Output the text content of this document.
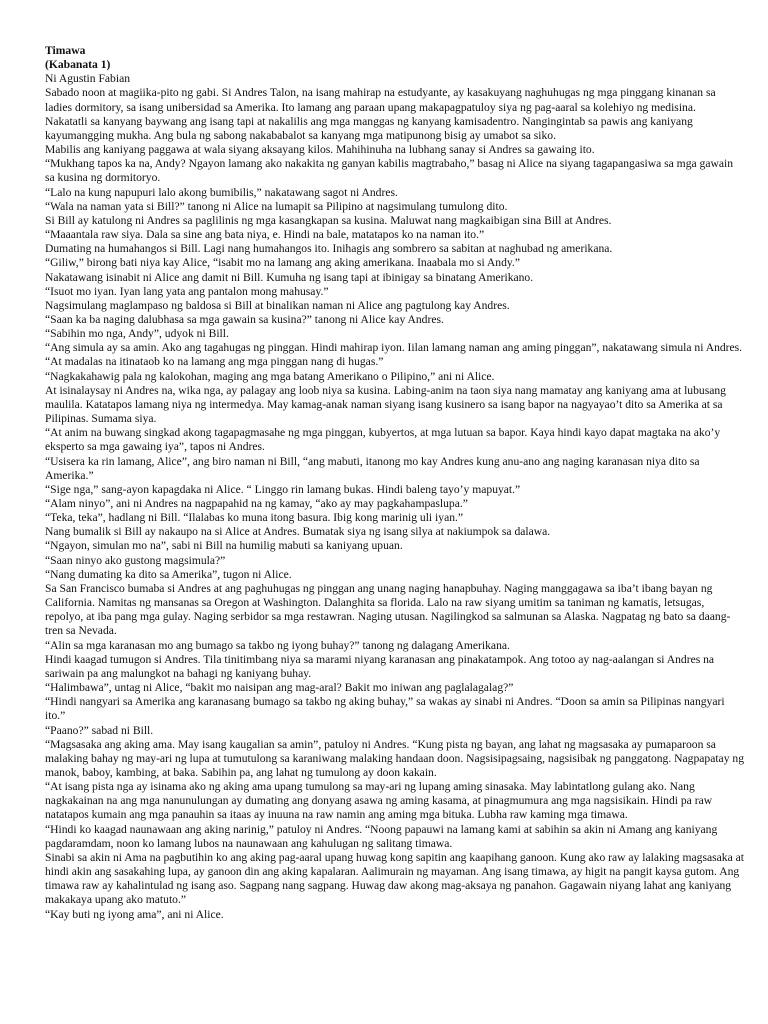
Timawa

(Kabanata 1)

Ni Agustin Fabian

Sabado noon at magiika-pito ng gabi. Si Andres Talon, na isang mahirap na estudyante, ay kasakuyang naghuhugas ng mga pinggang kinanan sa ladies dormitory, sa isang unibersidad sa Amerika. Ito lamang ang paraan upang makapagpatuloy siya ng pag-aaral sa kolehiyo ng medisina.

Nakatatli sa kanyang baywang ang isang tapi at nakalilis ang mga manggas ng kanyang kamisadentro. Nangingintab sa pawis ang kaniyang kayumangging mukha. Ang bula ng sabong nakababalot sa kanyang mga matipunong bisig ay umabot sa siko.

Mabilis ang kaniyang paggawa at wala siyang aksayang kilos. Mahihinuha na lubhang sanay si Andres sa gawaing ito.

“Mukhang tapos ka na, Andy? Ngayon lamang ako nakakita ng ganyan kabilis magtrabaho,” basag ni Alice na siyang tagapangasiwa sa mga gawain sa kusina ng dormitoryo.

“Lalo na kung napupuri lalo akong bumibilis,” nakatawang sagot ni Andres.

“Wala na naman yata si Bill?” tanong ni Alice na lumapit sa Pilipino at nagsimulang tumulong dito.

Si Bill ay katulong ni Andres sa paglilinis ng mga kasangkapan sa kusina. Maluwat nang magkaibigan sina Bill at Andres.

“Maaantala raw siya. Dala sa sine ang bata niya, e. Hindi na bale, matatapos ko na naman ito.”

Dumating na humahangos si Bill. Lagi nang humahangos ito. Inihagis ang sombrero sa sabitan at naghubad ng amerikana.

“Giliw,” birong bati niya kay Alice, “isabit mo na lamang ang aking amerikana. Inaabala mo si Andy.”

Nakatawang isinabit ni Alice ang damit ni Bill. Kumuha ng isang tapi at ibinigay sa binatang Amerikano.

“Isuot mo iyan. Iyan lang yata ang pantalon mong mahusay.”

Nagsimulang maglampaso ng baldosa si Bill at binalikan naman ni Alice ang pagtulong kay Andres.

“Saan ka ba naging dalubhasa sa mga gawain sa kusina?” tanong ni Alice kay Andres.

“Sabihin mo nga, Andy”, udyok ni Bill.

“Ang simula ay sa amin. Ako ang tagahugas ng pinggan. Hindi mahirap iyon. Iilan lamang naman ang aming pinggan”, nakatawang simula ni Andres. “At madalas na itinataob ko na lamang ang mga pinggan nang di hugas.”

“Nagkakahawig pala ng kalokohan, maging ang mga batang Amerikano o Pilipino,” ani ni Alice.

At isinalaysay ni Andres na, wika nga, ay palagay ang loob niya sa kusina. Labing-anim na taon siya nang mamatay ang kaniyang ama at lubusang maulila. Katatapos lamang niya ng intermedya. May kamag-anak naman siyang isang kusinero sa isang bapor na nagyayao’t dito sa Amerika at sa Pilipinas. Sumama siya.

“At anim na buwang singkad akong tagapagmasahe ng mga pinggan, kubyertos, at mga lutuan sa bapor. Kaya hindi kayo dapat magtaka na ako’y eksperto sa mga gawaing iya”, tapos ni Andres.

“Usisera ka rin lamang, Alice”, ang biro naman ni Bill, “ang mabuti, itanong mo kay Andres kung anu-ano ang naging karanasan niya dito sa Amerika.”

“Sige nga,” sang-ayon kapagdaka ni Alice. “ Linggo rin lamang bukas. Hindi baleng tayo’y mapuyat.”

“Alam ninyo”, ani ni Andres na nagpapahid na ng kamay, “ako ay may pagkahampaslupa.”

“Teka, teka”, hadlang ni Bill. “Ilalabas ko muna itong basura. Ibig kong marinig uli iyan.”

Nang bumalik si Bill ay nakaupo na si Alice at Andres. Bumatak siya ng isang silya at nakiumpok sa dalawa.

“Ngayon, simulan mo na”, sabi ni Bill na humilig mabuti sa kaniyang upuan.

“Saan ninyo ako gustong magsimula?”

“Nang dumating ka dito sa Amerika”, tugon ni Alice.

Sa San Francisco bumaba si Andres at ang paghuhugas ng pinggan ang unang naging hanapbuhay. Naging manggagawa sa iba’t ibang bayan ng California. Namitas ng mansanas sa Oregon at Washington. Dalanghita sa florida. Lalo na raw siyang umitim sa taniman ng kamatis, letsugas, repolyo, at iba pang mga gulay. Naging serbidor sa mga restawran. Naging utusan. Nagilingkod sa salmunan sa Alaska. Nagpatag ng bato sa daang-tren sa Nevada.

“Alin sa mga karanasan mo ang bumago sa takbo ng iyong buhay?” tanong ng dalagang Amerikana.

Hindi kaagad tumugon si Andres. Tila tinitimbang niya sa marami niyang karanasan ang pinakatampok. Ang totoo ay nag-aalangan si Andres na sariwain pa ang malungkot na bahagi ng kaniyang buhay.

“Halimbawa”, untag ni Alice, “bakit mo naisipan ang mag-aral? Bakit mo iniwan ang paglalagalag?”

“Hindi nangyari sa Amerika ang karanasang bumago sa takbo ng aking buhay,” sa wakas ay sinabi ni Andres. “Doon sa amin sa Pilipinas nangyari ito.”

“Paano?” sabad ni Bill.

“Magsasaka ang aking ama. May isang kaugalian sa amin”, patuloy ni Andres. “Kung pista ng bayan, ang lahat ng magsasaka ay pumaparoon sa malaking bahay ng may-ari ng lupa at tumutulong sa karaniwang malaking handaan doon. Nagsisipagsaing, nagsisibak ng panggatong. Nagpapatay ng manok, baboy, kambing, at baka. Sabihin pa, ang lahat ng tumulong ay doon kakain.

“At isang pista nga ay isinama ako ng aking ama upang tumulong sa may-ari ng lupang aming sinasaka. May labintatlong gulang ako. Nang nagkakainan na ang mga nanunulungan ay dumating ang donyang asawa ng aming kasama, at pinagmumura ang mga nagsisikain. Hindi pa raw natatapos kumain ang mga panauhin sa itaas ay inuuna na raw namin ang aming mga bituka. Lubha raw kaming mga timawa.

“Hindi ko kaagad naunawaan ang aking narinig,” patuloy ni Andres. “Noong papauwi na lamang kami at sabihin sa akin ni Amang ang kaniyang pagdaramdam, noon ko lamang lubos na naunawaan ang kahulugan ng salitang timawa.

Sinabi sa akin ni Ama na pagbutihin ko ang aking pag-aaral upang huwag kong sapitin ang kaapihang ganoon. Kung ako raw ay lalaking magsasaka at hindi akin ang sasakahing lupa, ay ganoon din ang aking kapalaran. Aalimurain ng mayaman. Ang isang timawa, ay higit na pangit kaysa gutom. Ang timawa raw ay kahalintulad ng isang aso. Sagpang nang sagpang. Huwag daw akong mag-aksaya ng panahon. Gagawain niyang lahat ang kaniyang makakaya upang ako matuto.”

“Kay buti ng iyong ama”, ani ni Alice.
